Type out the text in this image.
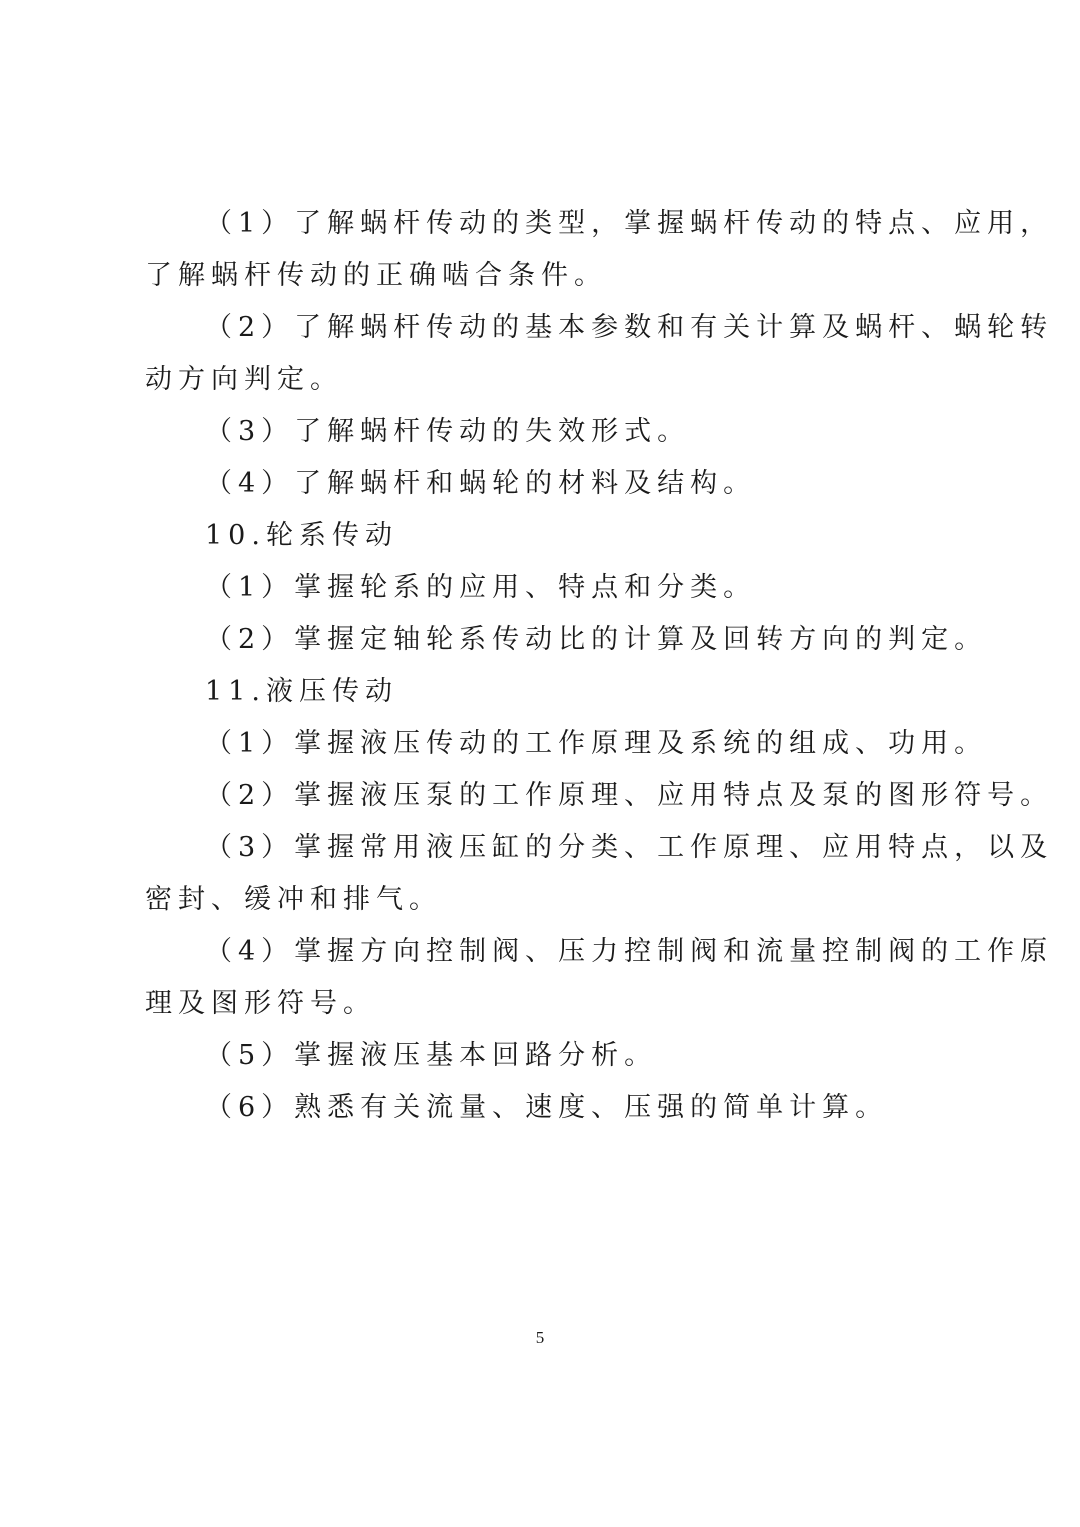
（1）了解蜗杆传动的类型，掌握蜗杆传动的特点、应用，
了解蜗杆传动的正确啮合条件。
（2）了解蜗杆传动的基本参数和有关计算及蜗杆、蜗轮转
动方向判定。
（3）了解蜗杆传动的失效形式。
（4）了解蜗杆和蜗轮的材料及结构。
10.轮系传动
（1）掌握轮系的应用、特点和分类。
（2）掌握定轴轮系传动比的计算及回转方向的判定。
11.液压传动
（1）掌握液压传动的工作原理及系统的组成、功用。
（2）掌握液压泵的工作原理、应用特点及泵的图形符号。
（3）掌握常用液压缸的分类、工作原理、应用特点，以及
密封、缓冲和排气。
（4）掌握方向控制阀、压力控制阀和流量控制阀的工作原
理及图形符号。
（5）掌握液压基本回路分析。
（6）熟悉有关流量、速度、压强的简单计算。
5
